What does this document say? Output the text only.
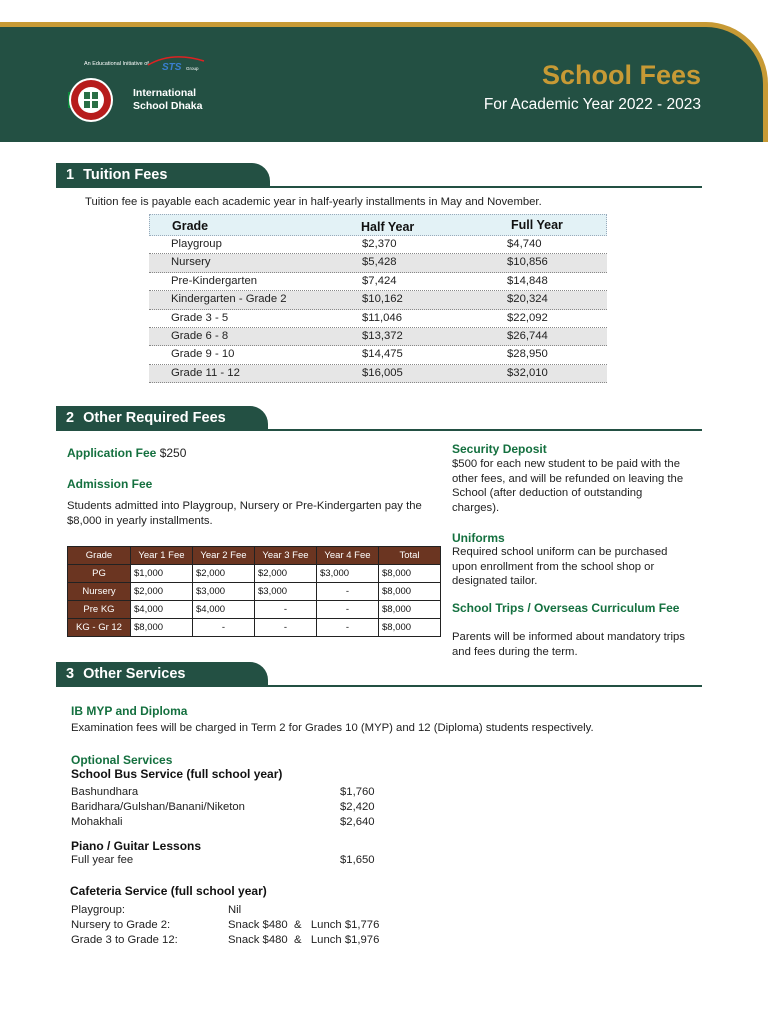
An Educational Initiative of STS Group
International
School Dhaka
School Fees
For Academic Year 2022 - 2023
1 Tuition Fees
Tuition fee is payable each academic year in half-yearly installments in May and November.
Grade	Half Year	Full Year
Playgroup	$2,370	$4,740
Nursery	$5,428	$10,856
Pre-Kindergarten	$7,424	$14,848
Kindergarten - Grade 2	$10,162	$20,324
Grade 3 - 5	$11,046	$22,092
Grade 6 - 8	$13,372	$26,744
Grade 9 - 10	$14,475	$28,950
Grade 11 - 12	$16,005	$32,010
2 Other Required Fees
Application Fee $250
Admission Fee
Students admitted into Playgroup, Nursery or Pre-Kindergarten pay the $8,000 in yearly installments.
Grade	Year 1 Fee	Year 2 Fee	Year 3 Fee	Year 4 Fee	Total
PG	$1,000	$2,000	$2,000	$3,000	$8,000
Nursery	$2,000	$3,000	$3,000	-	$8,000
Pre KG	$4,000	$4,000	-	-	$8,000
KG - Gr 12	$8,000	-	-	-	$8,000
Security Deposit
$500 for each new student to be paid with the other fees, and will be refunded on leaving the School (after deduction of outstanding charges).
Uniforms
Required school uniform can be purchased upon enrollment from the school shop or designated tailor.
School Trips / Overseas Curriculum Fee
Parents will be informed about mandatory trips and fees during the term.
3 Other Services
IB MYP and Diploma
Examination fees will be charged in Term 2 for Grades 10 (MYP) and 12 (Diploma) students respectively.
Optional Services
School Bus Service (full school year)
Bashundhara	$1,760
Baridhara/Gulshan/Banani/Niketon	$2,420
Mohakhali	$2,640
Piano / Guitar Lessons
Full year fee	$1,650
Cafeteria Service (full school year)
Playgroup:	Nil
Nursery to Grade 2:	Snack $480  &   Lunch $1,776
Grade 3 to Grade 12:	Snack $480  &   Lunch $1,976
